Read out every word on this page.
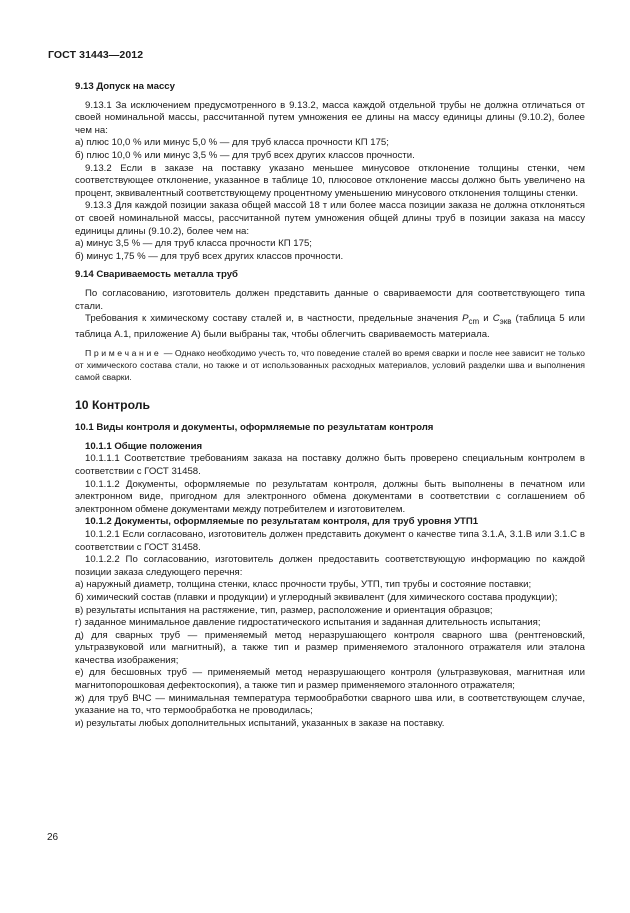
ГОСТ 31443—2012

9.13 Допуск на массу

9.13.1 За исключением предусмотренного в 9.13.2, масса каждой отдельной трубы не должна отличаться от своей номинальной массы, рассчитанной путем умножения ее длины на массу единицы длины (9.10.2), более чем на:

а) плюс 10,0 % или минус 5,0 % — для труб класса прочности КП 175;

б) плюс 10,0 % или минус 3,5 % — для труб всех других классов прочности.

9.13.2 Если в заказе на поставку указано меньшее минусовое отклонение толщины стенки, чем соответствующее отклонение, указанное в таблице 10, плюсовое отклонение массы должно быть увеличено на процент, эквивалентный соответствующему процентному уменьшению минусового отклонения толщины стенки.

9.13.3 Для каждой позиции заказа общей массой 18 т или более масса позиции заказа не должна отклоняться от своей номинальной массы, рассчитанной путем умножения общей длины труб в позиции заказа на массу единицы длины (9.10.2), более чем на:

а) минус 3,5 % — для труб класса прочности КП 175;

б) минус 1,75 % — для труб всех других классов прочности.

9.14 Свариваемость металла труб

По согласованию, изготовитель должен представить данные о свариваемости для соответствующего типа стали.

Требования к химическому составу сталей и, в частности, предельные значения $P_{cm}$ и $C_{экв}$ (таблица 5 или таблица А.1, приложение А) были выбраны так, чтобы облегчить свариваемость материала.

Примечание — Однако необходимо учесть то, что поведение сталей во время сварки и после нее зависит не только от химического состава стали, но также и от использованных расходных материалов, условий разделки шва и выполнения самой сварки.

10 Контроль

10.1 Виды контроля и документы, оформляемые по результатам контроля

10.1.1 Общие положения

10.1.1.1 Соответствие требованиям заказа на поставку должно быть проверено специальным контролем в соответствии с ГОСТ 31458.

10.1.1.2 Документы, оформляемые по результатам контроля, должны быть выполнены в печатном или электронном виде, пригодном для электронного обмена документами в соответствии с соглашением об электронном обмене документами между потребителем и изготовителем.

10.1.2 Документы, оформляемые по результатам контроля, для труб уровня УТП1

10.1.2.1 Если согласовано, изготовитель должен представить документ о качестве типа 3.1.А, 3.1.В или 3.1.С в соответствии с ГОСТ 31458.

10.1.2.2 По согласованию, изготовитель должен предоставить соответствующую информацию по каждой позиции заказа следующего перечня:

а) наружный диаметр, толщина стенки, класс прочности трубы, УТП, тип трубы и состояние поставки;

б) химический состав (плавки и продукции) и углеродный эквивалент (для химического состава продукции);

в) результаты испытания на растяжение, тип, размер, расположение и ориентация образцов;

г) заданное минимальное давление гидростатического испытания и заданная длительность испытания;

д) для сварных труб — применяемый метод неразрушающего контроля сварного шва (рентгеновский, ультразвуковой или магнитный), а также тип и размер применяемого эталонного отражателя или эталона качества изображения;

е) для бесшовных труб — применяемый метод неразрушающего контроля (ультразвуковая, магнитная или магнитопорошковая дефектоскопия), а также тип и размер применяемого эталонного отражателя;

ж) для труб ВЧС — минимальная температура термообработки сварного шва или, в соответствующем случае, указание на то, что термообработка не проводилась;

и) результаты любых дополнительных испытаний, указанных в заказе на поставку.

26
